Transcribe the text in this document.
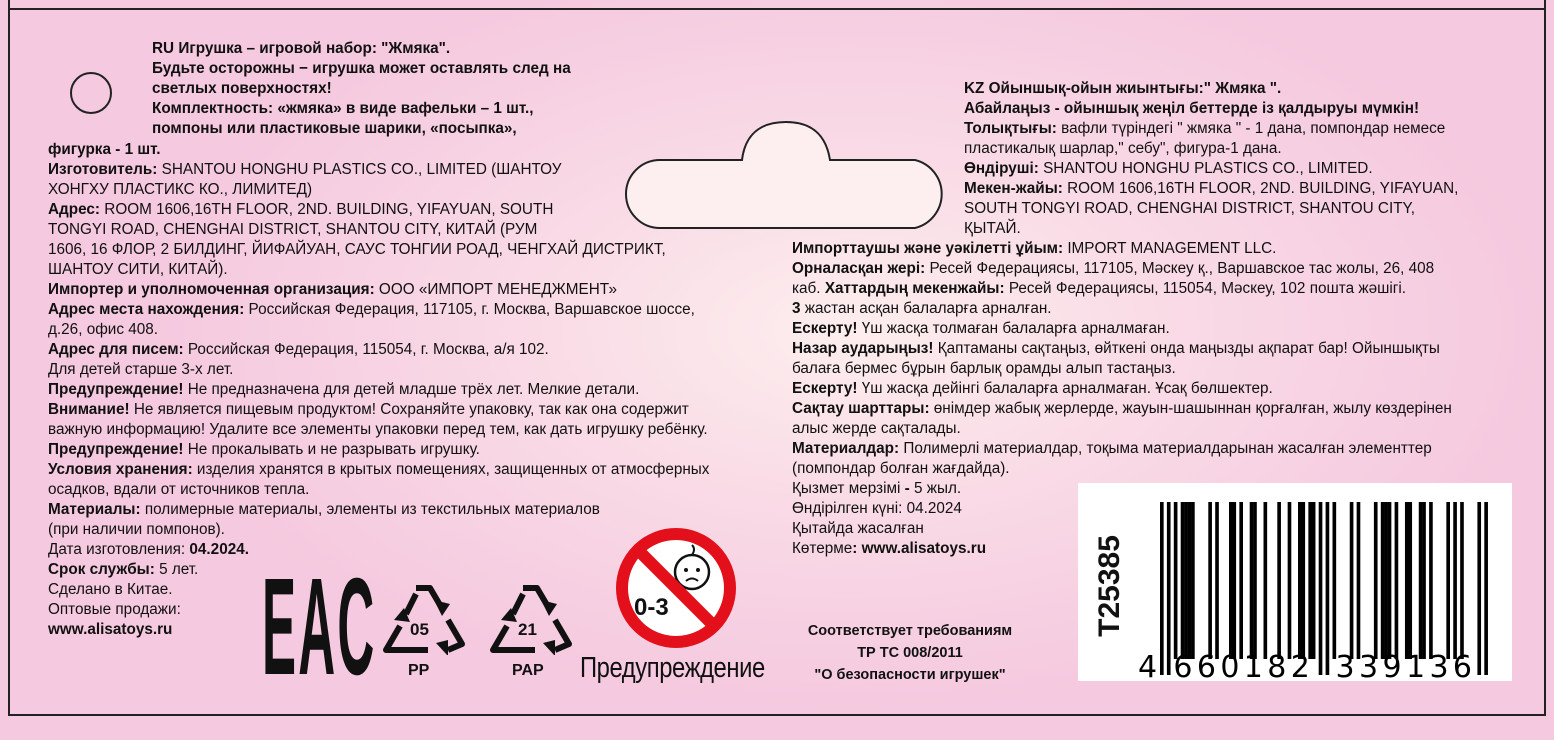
RU Игрушка – игровой набор: "Жмяка".
Будьте осторожны − игрушка может оставлять след на
светлых поверхностях!
Комплектность: «жмяка» в виде вафельки – 1 шт.,
помпоны или пластиковые шарики, «посыпка»,
фигурка - 1 шт.
Изготовитель: SHANTOU HONGHU PLASTICS CO., LIMITED (ШАНТОУ
ХОНГХУ ПЛАСТИКС КО., ЛИМИТЕД)
Адрес: ROOM 1606,16TH FLOOR, 2ND. BUILDING, YIFAYUAN, SOUTH
TONGYI ROAD, CHENGHAI DISTRICT, SHANTOU CITY, КИТАЙ (РУМ
1606, 16 ФЛОР, 2 БИЛДИНГ, ЙИФАЙУАН, САУС ТОНГИИ РОАД, ЧЕНГХАЙ ДИСТРИКТ,
ШАНТОУ СИТИ, КИТАЙ).
Импортер и уполномоченная организация: ООО «ИМПОРТ МЕНЕДЖМЕНТ»
Адрес места нахождения: Российская Федерация, 117105, г. Москва, Варшавское шоссе,
д.26, офис 408.
Адрес для писем: Российская Федерация, 115054, г. Москва, а/я 102.
Для детей старше 3-х лет.
Предупреждение! Не предназначена для детей младше трёх лет. Мелкие детали.
Внимание! Не является пищевым продуктом! Сохраняйте упаковку, так как она содержит
важную информацию! Удалите все элементы упаковки перед тем, как дать игрушку ребёнку.
Предупреждение! Не прокалывать и не разрывать игрушку.
Условия хранения: изделия хранятся в крытых помещениях, защищенных от атмосферных
осадков, вдали от источников тепла.
Материалы: полимерные материалы, элементы из текстильных материалов
(при наличии помпонов).
Дата изготовления: 04.2024.
Срок службы: 5 лет.
Сделано в Китае.
Оптовые продажи:
www.alisatoys.ru
KZ Ойыншық-ойын жиынтығы:" Жмяка ".
Абайлаңыз - ойыншық жеңіл беттерде із қалдыруы мүмкін!
Толықтығы: вафли түріндегі " жмяка " - 1 дана, помпондар немесе
пластикалық шарлар," себу", фигура-1 дана.
Өндіруші: SHANTOU HONGHU PLASTICS CO., LIMITED.
Мекен-жайы: ROOM 1606,16TH FLOOR, 2ND. BUILDING, YIFAYUAN,
SOUTH TONGYI ROAD, CHENGHAI DISTRICT, SHANTOU CITY,
ҚЫТАЙ.
Импорттаушы және уәкілетті ұйым: IMPORT MANAGEMENT LLC.
Орналасқан жері: Ресей Федерациясы, 117105, Мәскеу қ., Варшавское тас жолы, 26, 408
каб. Хаттардың мекенжайы: Ресей Федерациясы, 115054, Мәскеу, 102 пошта жәшігі.
3 жастан асқан балаларға арналған.
Ескерту! Үш жасқа толмаған балаларға арналмаған.
Назар аударыңыз! Қаптаманы сақтаңыз, өйткені онда маңызды ақпарат бар! Ойыншықты
балаға бермес бұрын барлық орамды алып тастаңыз.
Ескерту! Үш жасқа дейінгі балаларға арналмаған. Ұсақ бөлшектер.
Сақтау шарттары: өнімдер жабық жерлерде, жауын-шашыннан қорғалған, жылу көздерінен
алыс жерде сақталады.
Материалдар: Полимерлі материалдар, тоқыма материалдарынан жасалған элементтер
(помпондар болған жағдайда).
Қызмет мерзімі - 5 жыл.
Өндірілген күні: 04.2024
Қытайда жасалған
Көтерме: www.alisatoys.ru
EAC 05
PP
21
PAP
0-3
Предупреждение
Соответствует требованиям
ТР ТС 008/2011
"О безопасности игрушек"
T25385
4 660182 339136
